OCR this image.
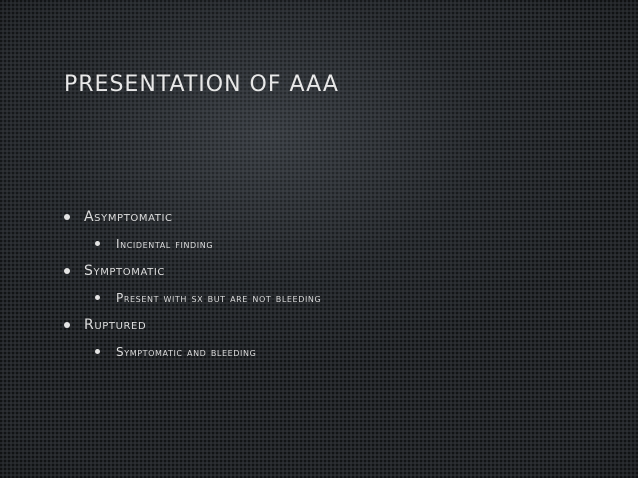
PRESENTATION OF AAA
Asymptomatic
Incidental finding
Symptomatic
Present with sx but are not bleeding
Ruptured
Symptomatic and bleeding
